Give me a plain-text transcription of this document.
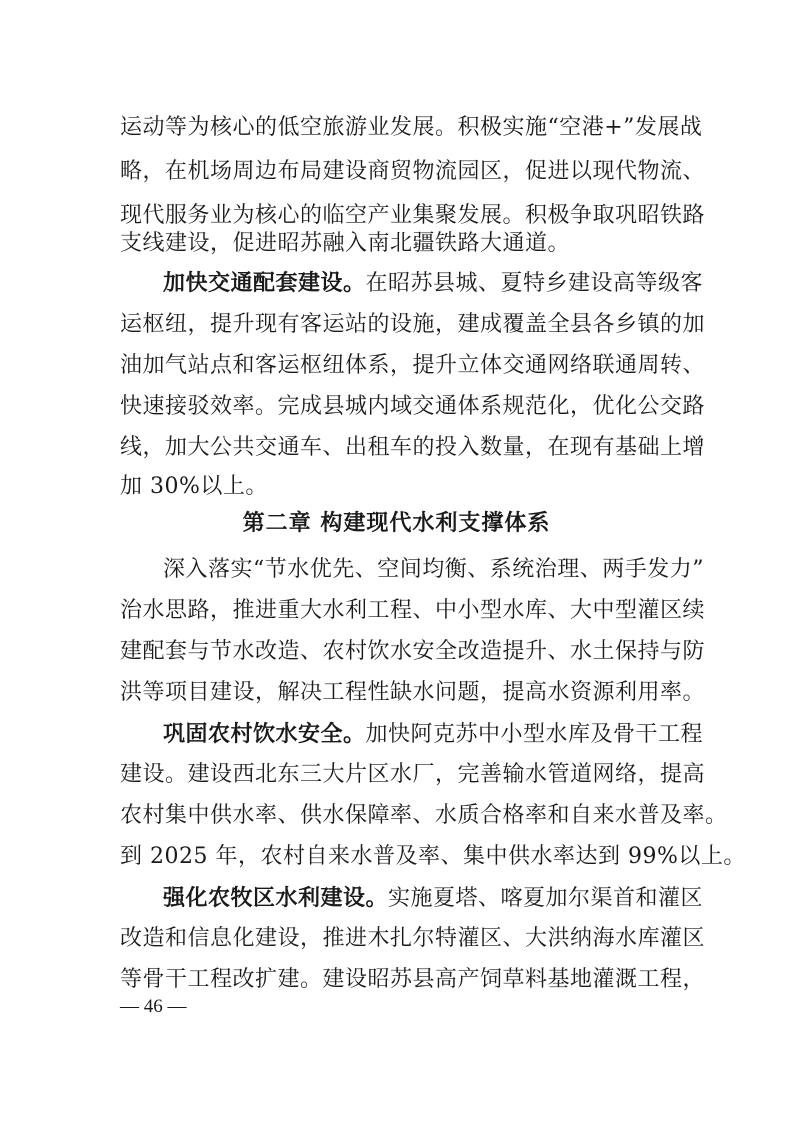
运动等为核心的低空旅游业发展。积极实施“空港+”发展战
略，在机场周边布局建设商贸物流园区，促进以现代物流、
现代服务业为核心的临空产业集聚发展。积极争取巩昭铁路
支线建设，促进昭苏融入南北疆铁路大通道。
加快交通配套建设。在昭苏县城、夏特乡建设高等级客
运枢纽，提升现有客运站的设施，建成覆盖全县各乡镇的加
油加气站点和客运枢纽体系，提升立体交通网络联通周转、
快速接驳效率。完成县城内域交通体系规范化，优化公交路
线，加大公共交通车、出租车的投入数量，在现有基础上增
加 30%以上。
第二章 构建现代水利支撑体系
深入落实“节水优先、空间均衡、系统治理、两手发力”
治水思路，推进重大水利工程、中小型水库、大中型灌区续
建配套与节水改造、农村饮水安全改造提升、水土保持与防
洪等项目建设，解决工程性缺水问题，提高水资源利用率。
巩固农村饮水安全。加快阿克苏中小型水库及骨干工程
建设。建设西北东三大片区水厂，完善输水管道网络，提高
农村集中供水率、供水保障率、水质合格率和自来水普及率。
到 2025 年，农村自来水普及率、集中供水率达到 99%以上。
强化农牧区水利建设。实施夏塔、喀夏加尔渠首和灌区
改造和信息化建设，推进木扎尔特灌区、大洪纳海水库灌区
等骨干工程改扩建。建设昭苏县高产饲草料基地灌溉工程，
— 46 —
